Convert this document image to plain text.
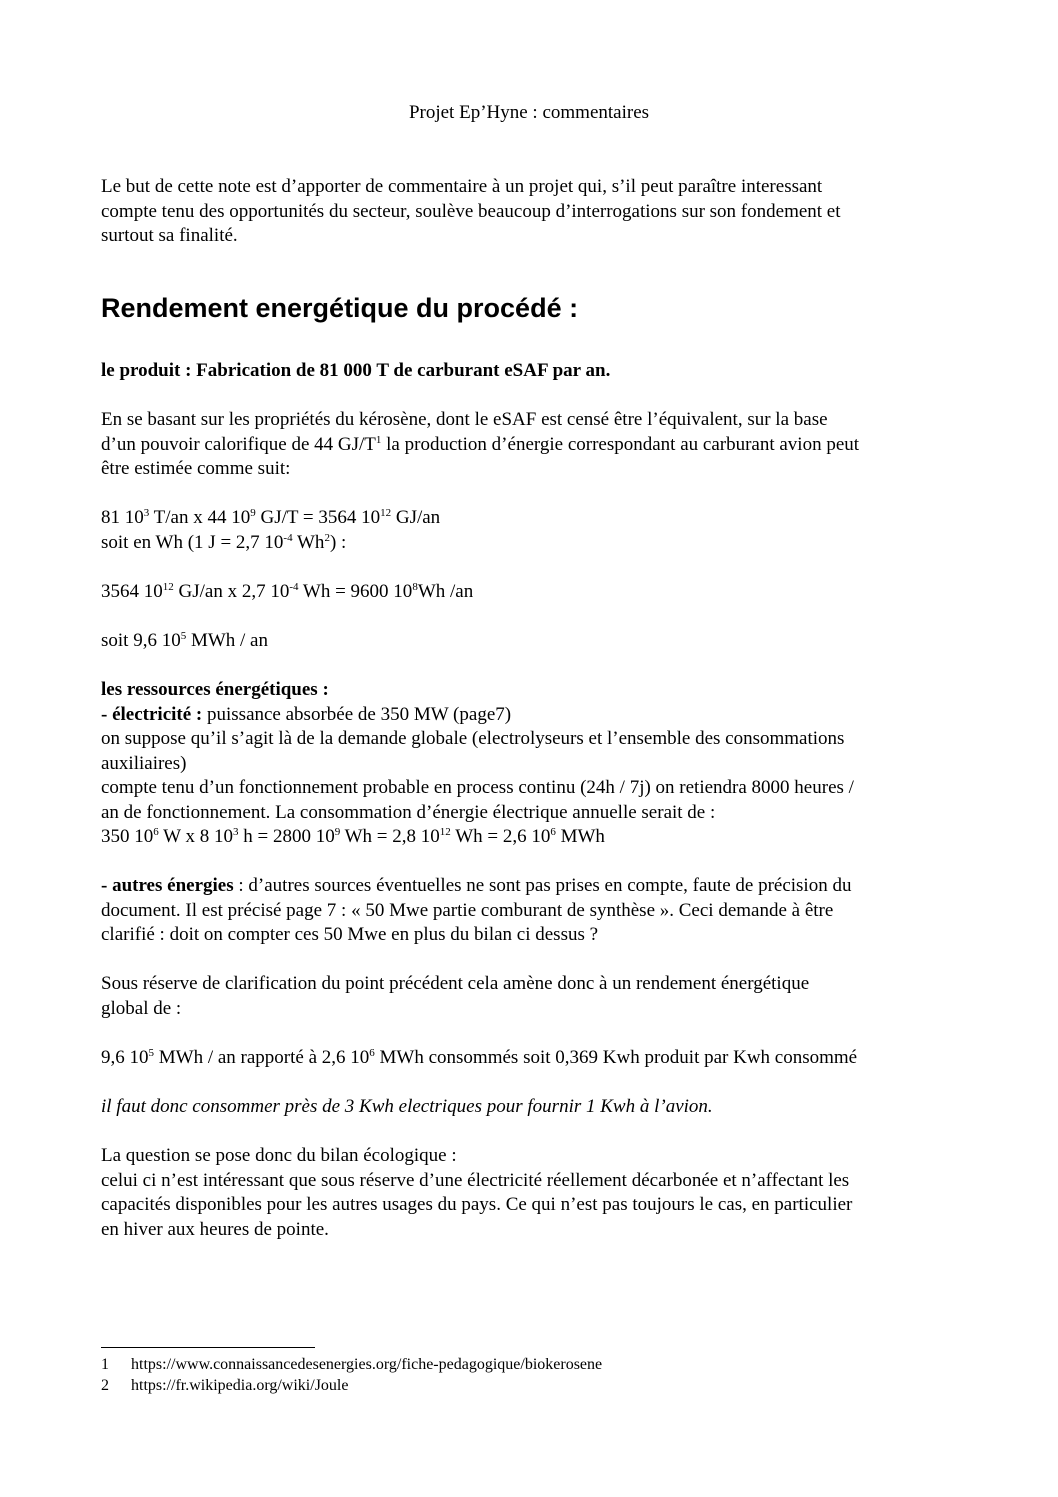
Projet Ep’Hyne : commentaires

Le but de cette note est d’apporter de commentaire à un projet qui, s’il peut paraître interessant

compte tenu des opportunités du secteur, soulève beaucoup d’interrogations sur son fondement et

surtout sa finalité.

Rendement energétique du procédé :

le produit : Fabrication de 81 000 T de carburant eSAF par an.

En se basant sur les propriétés du kérosène, dont le eSAF est censé être l’équivalent, sur la base

d’un pouvoir calorifique de 44 $GJ/T^1$ la production d’énergie correspondant au carburant avion peut

être estimée comme suit:

81 $10^3$ T/an x 44 $10^9$ GJ/T = 3564 $10^{12}$ GJ/an

soit en Wh (1 J = 2,7 $10^{-4}$ Wh$^2$) :

3564 $10^{12}$ GJ/an x 2,7 $10^{-4}$ Wh = 9600 $10^8Wh$ /an

soit 9,6 $10^5$ MWh / an

les ressources énergétiques :

- électricité : puissance absorbée de 350 MW (page7)

on suppose qu’il s’agit là de la demande globale (electrolyseurs et l’ensemble des consommations

auxiliaires)

compte tenu d’un fonctionnement probable en process continu (24h / 7j) on retiendra 8000 heures /

an de fonctionnement. La consommation d’énergie électrique annuelle serait de :

350 $10^6$ W x 8 $10^3$ h = 2800 $10^9$ Wh = 2,8 $10^{12}$ Wh = 2,6 $10^6$ MWh

- autres énergies : d’autres sources éventuelles ne sont pas prises en compte, faute de précision du

document. Il est précisé page 7 : « 50 Mwe partie comburant de synthèse ». Ceci demande à être

clarifié : doit on compter ces 50 Mwe en plus du bilan ci dessus ?

Sous réserve de clarification du point précédent cela amène donc à un rendement énergétique

global de :

9,6 $10^5$ MWh / an rapporté à 2,6 $10^6$ MWh consommés soit 0,369 Kwh produit par Kwh consommé

il faut donc consommer près de 3 Kwh electriques pour fournir 1 Kwh à l’avion.

La question se pose donc du bilan écologique :

celui ci n’est intéressant que sous réserve d’une électricité réellement décarbonée et n’affectant les

capacités disponibles pour les autres usages du pays. Ce qui n’est pas toujours le cas, en particulier

en hiver aux heures de pointe.

1 https://www.connaissancedesenergies.org/fiche-pedagogique/biokerosene

2 https://fr.wikipedia.org/wiki/Joule
